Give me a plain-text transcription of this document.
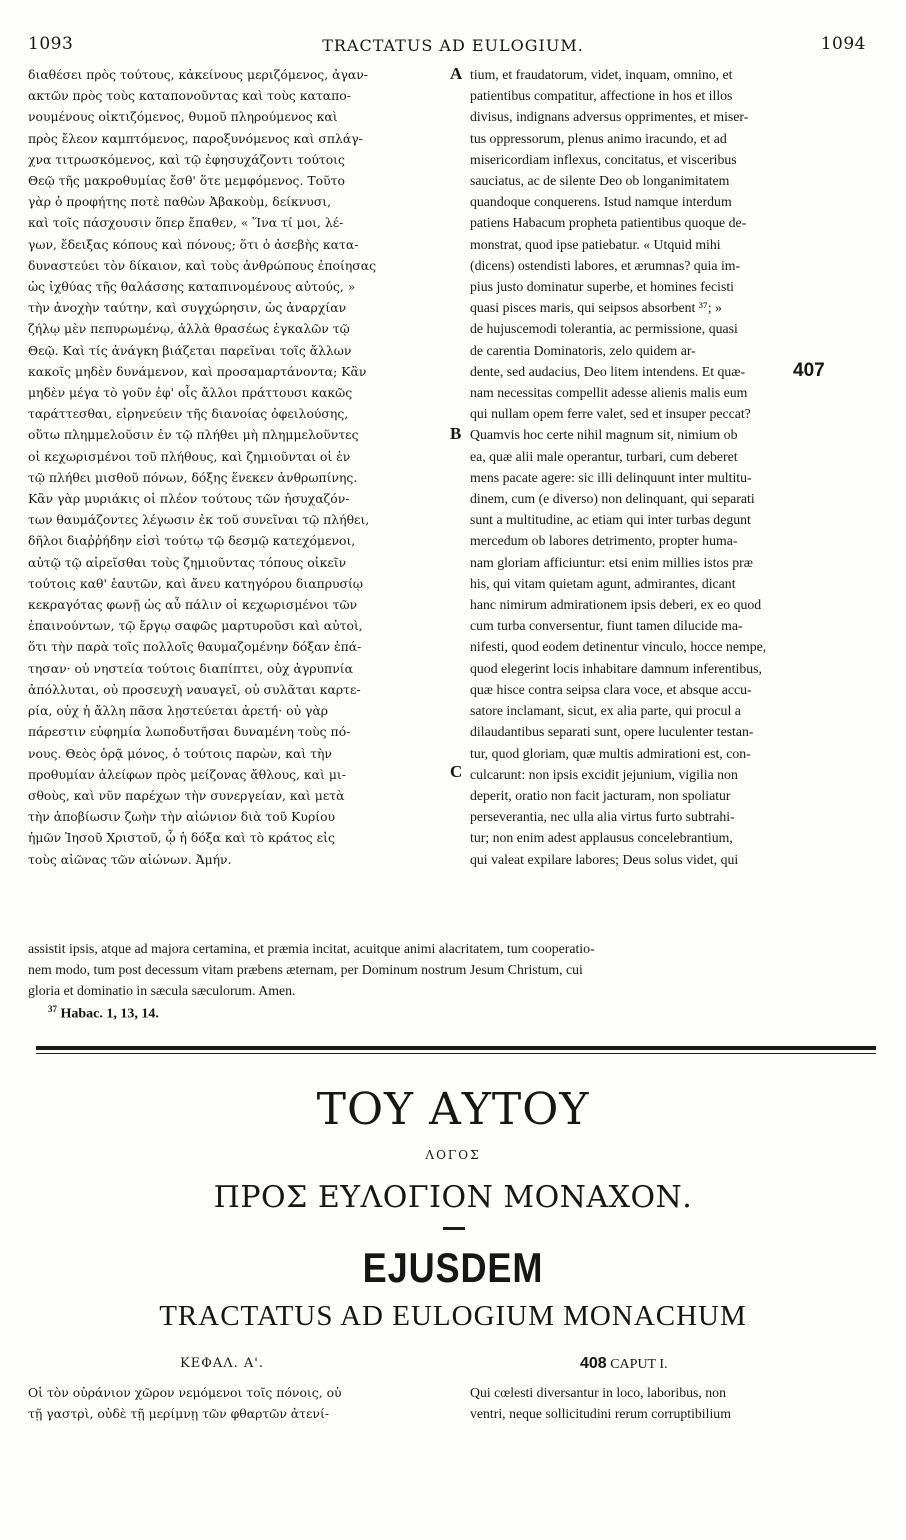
1093	TRACTATUS AD EULOGIUM.	1094
διαθέσει πρὸς τούτους, κἀκείνους μεριζόμενος, ἀγαν-
ακτῶν πρὸς τοὺς καταπονοῦντας καὶ τοὺς καταπο-
νουμένους οἰκτιζόμενος, θυμοῦ πληρούμενος καὶ
πρὸς ἔλεον καμπτόμενος, παροξυνόμενος καὶ σπλάγ-
χνα τιτρωσκόμενος, καὶ τῷ ἐφησυχάζοντι τούτοις
Θεῷ τῆς μακροθυμίας ἔσθ' ὅτε μεμφόμενος. Τοῦτο
γὰρ ὁ προφήτης ποτὲ παθὼν Ἀβακοὺμ, δείκνυσι,
καὶ τοῖς πάσχουσιν ὅπερ ἔπαθεν, « Ἵνα τί μοι, λέ-
γων, ἔδειξας κόπους καὶ πόνους; ὅτι ὁ ἀσεβὴς κατα-
δυναστεύει τὸν δίκαιον, καὶ τοὺς ἀνθρώπους ἐποίησας
ὡς ἰχθύας τῆς θαλάσσης καταπινομένους αὐτούς, »
τὴν ἀνοχὴν ταύτην, καὶ συγχώρησιν, ὡς ἀναρχίαν
ζήλῳ μὲν πεπυρωμένῳ, ἀλλὰ θρασέως ἐγκαλῶν τῷ
Θεῷ. Καὶ τίς ἀνάγκη βιάζεται παρεῖναι τοῖς ἄλλων
κακοῖς μηδὲν δυνάμενον, καὶ προσαμαρτάνοντα; Κἂν
μηδὲν μέγα τὸ γοῦν ἐφ' οἷς ἄλλοι πράττουσι κακῶς
ταράττεσθαι, εἰρηνεύειν τῆς διανοίας ὀφειλούσης,
οὕτω πλημμελοῦσιν ἐν τῷ πλήθει μὴ πλημμελοῦντες
οἱ κεχωρισμένοι τοῦ πλήθους, καὶ ζημιοῦνται οἱ ἐν
τῷ πλήθει μισθοῦ πόνων, δόξης ἕνεκεν ἀνθρωπίνης.
Κἂν γὰρ μυριάκις οἱ πλέον τούτους τῶν ἡσυχαζόν-
των θαυμάζοντες λέγωσιν ἐκ τοῦ συνεῖναι τῷ πλήθει,
δῆλοι διαῤῥήδην εἰσὶ τούτῳ τῷ δεσμῷ κατεχόμενοι,
αὐτῷ τῷ αἱρεῖσθαι τοὺς ζημιοῦντας τόπους οἰκεῖν
τούτοις καθ' ἑαυτῶν, καὶ ἄνευ κατηγόρου διαπρυσίῳ
κεκραγότας φωνῇ ὡς αὖ πάλιν οἱ κεχωρισμένοι τῶν
ἐπαινούντων, τῷ ἔργῳ σαφῶς μαρτυροῦσι καὶ αὐτοὶ,
ὅτι τὴν παρὰ τοῖς πολλοῖς θαυμαζομένην δόξαν ἐπά-
τησαν· οὐ νηστεία τούτοις διαπίπτει, οὐχ ἀγρυπνία
ἀπόλλυται, οὐ προσευχὴ ναυαγεῖ, οὐ συλᾶται καρτε-
ρία, οὐχ ἡ ἄλλη πᾶσα λῃστεύεται ἀρετή· οὐ γὰρ
πάρεστιν εὐφημία λωποδυτῆσαι δυναμένη τοὺς πό-
νους. Θεὸς ὁρᾷ μόνος, ὁ τούτοις παρὼν, καὶ τὴν
προθυμίαν ἀλείφων πρὸς μείζονας ἄθλους, καὶ μι-
σθοὺς, καὶ νῦν παρέχων τὴν συνεργείαν, καὶ μετὰ
τὴν ἀποβίωσιν ζωὴν τὴν αἰώνιον διὰ τοῦ Κυρίου
ἡμῶν Ἰησοῦ Χριστοῦ, ᾧ ἡ δόξα καὶ τὸ κράτος εἰς
τοὺς αἰῶνας τῶν αἰώνων. Ἀμήν.
tium, et fraudatorum, videt, inquam, omnino, et
patientibus compatitur, affectione in hos et illos
divisus, indignans adversus opprimentes, et miser-
tus oppressorum, plenus animo iracundo, et ad
misericordiam inflexus, concitatus, et visceribus
sauciatus, ac de silente Deo ob longanimitatem
quandoque conquerens. Istud namque interdum
patiens Habacum propheta patientibus quoque de-
monstrat, quod ipse patiebatur. « Utquid mihi
(dicens) ostendisti labores, et ærumnas? quia im-
pius justo dominatur superbe, et homines fecisti
quasi pisces maris, qui seipsos absorbent ³⁷; »
de hujuscemodi tolerantia, ac permissione, quasi
de carentia Dominatoris, zelo quidem ar-
dente, sed audacius, Deo litem intendens. Et quæ-
nam necessitas compellit adesse alienis malis eum
qui nullam opem ferre valet, sed et insuper peccat?
Quamvis hoc certe nihil magnum sit, nimium ob
ea, quæ alii male operantur, turbari, cum deberet
mens pacate agere: sic illi delinquunt inter multitu-
dinem, cum (e diverso) non delinquant, qui separati
sunt a multitudine, ac etiam qui inter turbas degunt
mercedum ob labores detrimento, propter huma-
nam gloriam afficiuntur: etsi enim millies istos præ
his, qui vitam quietam agunt, admirantes, dicant
hanc nimirum admirationem ipsis deberi, ex eo quod
cum turba conversentur, fiunt tamen dilucide ma-
nifesti, quod eodem detinentur vinculo, hocce nempe,
quod elegerint locis inhabitare damnum inferentibus,
quæ hisce contra seipsa clara voce, et absque accu-
satore inclamant, sicut, ex alia parte, qui procul a
dilaudantibus separati sunt, opere luculenter testan-
tur, quod gloriam, quæ multis admirationi est, con-
culcarunt: non ipsis excidit jejunium, vigilia non
deperit, oratio non facit jacturam, non spoliatur
perseverantia, nec ulla alia virtus furto subtrahi-
tur; non enim adest applausus concelebrantium,
qui valeat expilare labores; Deus solus videt, qui
A
B
C
407
assistit ipsis, atque ad majora certamina, et præmia incitat, acuitque animi alacritatem, tum cooperatio-
nem modo, tum post decessum vitam præbens æternam, per Dominum nostrum Jesum Christum, cui
gloria et dominatio in sæcula sæculorum. Amen.
$^{37}$ Habac. 1, 13, 14.
ΤΟΥ ΑΥΤΟΥ
ΛΟΓΟΣ
ΠΡΟΣ ΕΥΛΟΓΙΟΝ ΜΟΝΑΧΟΝ.
EJUSDEM
TRACTATUS AD EULOGIUM MONACHUM
ΚΕΦΑΛ. Α'.	408 CAPUT I.
Οἱ τὸν οὐράνιον χῶρον νεμόμενοι τοῖς πόνοις, οὐ
τῇ γαστρὶ, οὐδὲ τῇ μερίμνῃ τῶν φθαρτῶν ἀτενί-
Qui cœlesti diversantur in loco, laboribus, non
ventri, neque sollicitudini rerum corruptibilium
